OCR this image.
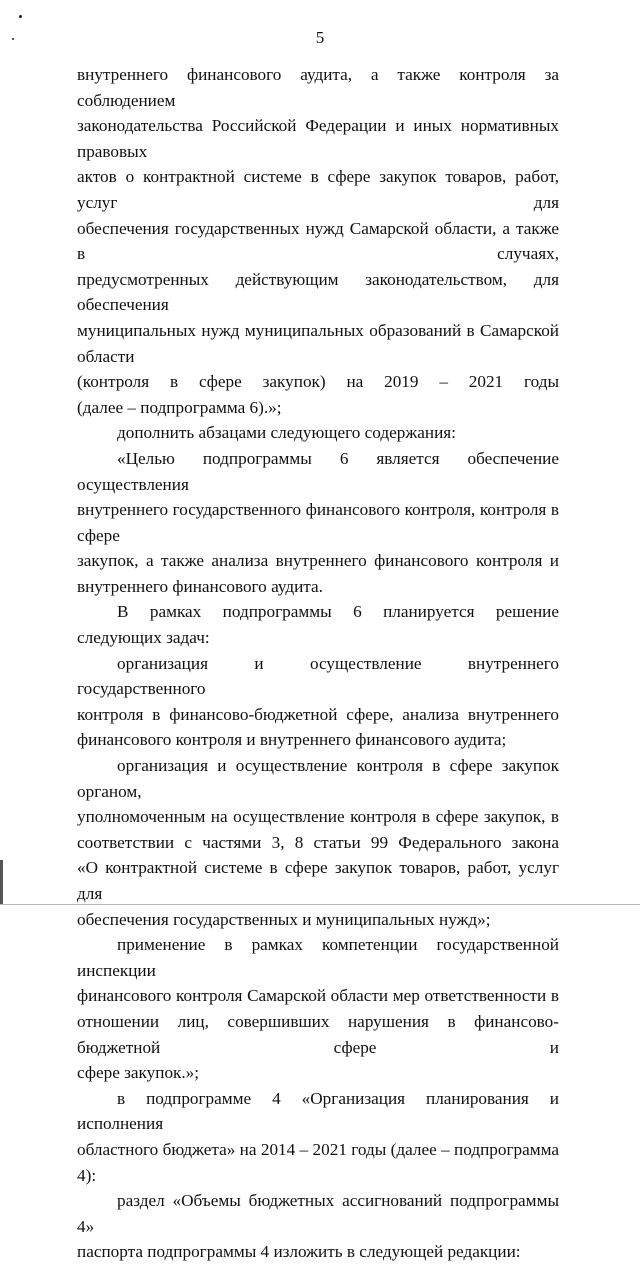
5

внутреннего финансового аудита, а также контроля за соблюдением
законодательства Российской Федерации и иных нормативных правовых
актов о контрактной системе в сфере закупок товаров, работ, услуг для
обеспечения государственных нужд Самарской области, а также в случаях,
предусмотренных действующим законодательством, для обеспечения
муниципальных нужд муниципальных образований в Самарской области
(контроля в сфере закупок) на 2019 – 2021 годы
(далее – подпрограмма 6).»;

дополнить абзацами следующего содержания:

«Целью подпрограммы 6 является обеспечение осуществления
внутреннего государственного финансового контроля, контроля в сфере
закупок, а также анализа внутреннего финансового контроля и
внутреннего финансового аудита.

В рамках подпрограммы 6 планируется решение следующих задач:

организация и осуществление внутреннего государственного
контроля в финансово-бюджетной сфере, анализа внутреннего
финансового контроля и внутреннего финансового аудита;

организация и осуществление контроля в сфере закупок органом,
уполномоченным на осуществление контроля в сфере закупок, в
соответствии с частями 3, 8 статьи 99 Федерального закона
«О контрактной системе в сфере закупок товаров, работ, услуг для
обеспечения государственных и муниципальных нужд»;

применение в рамках компетенции государственной инспекции
финансового контроля Самарской области мер ответственности в
отношении лиц, совершивших нарушения в финансово-бюджетной сфере и
сфере закупок.»;

в подпрограмме 4 «Организация планирования и исполнения
областного бюджета» на 2014 – 2021 годы (далее – подпрограмма 4):

раздел «Объемы бюджетных ассигнований подпрограммы 4»
паспорта подпрограммы 4 изложить в следующей редакции:
